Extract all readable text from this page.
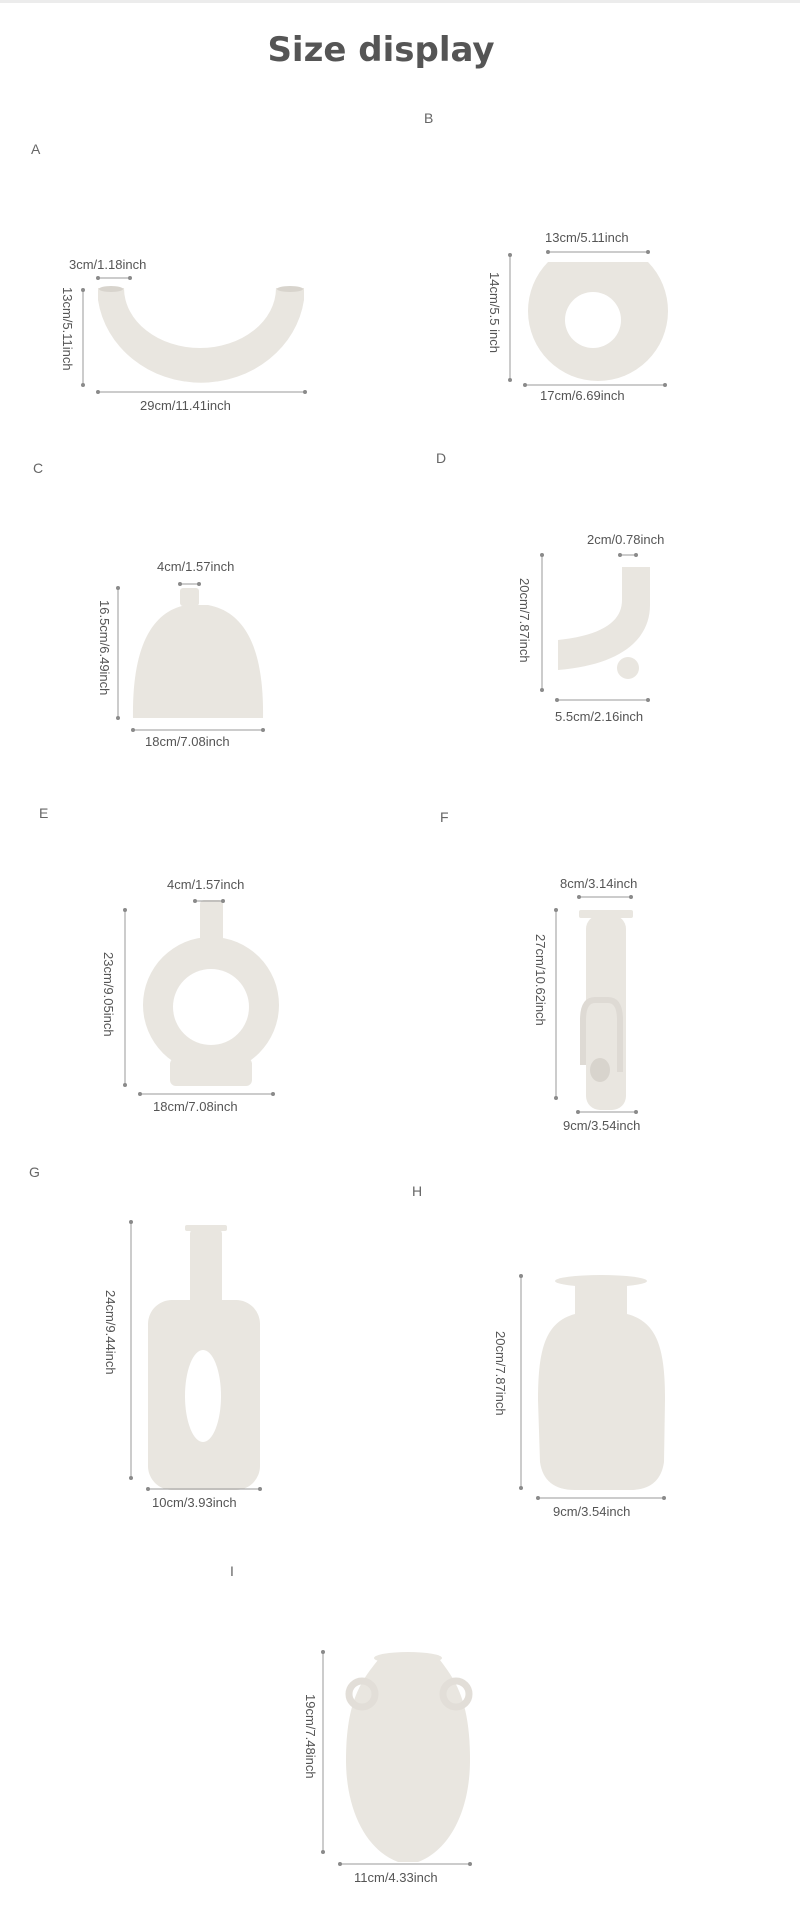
Size display
A
3cm/1.18inch
13cm/5.11inch
29cm/11.41inch
B
13cm/5.11inch
14cm/5.5 inch
17cm/6.69inch
C
4cm/1.57inch
16.5cm/6.49inch
18cm/7.08inch
D
2cm/0.78inch
20cm/7.87inch
5.5cm/2.16inch
E
4cm/1.57inch
23cm/9.05inch
18cm/7.08inch
F
8cm/3.14inch
27cm/10.62inch
9cm/3.54inch
G
24cm/9.44inch
10cm/3.93inch
H
20cm/7.87inch
9cm/3.54inch
I
19cm/7.48inch
11cm/4.33inch
